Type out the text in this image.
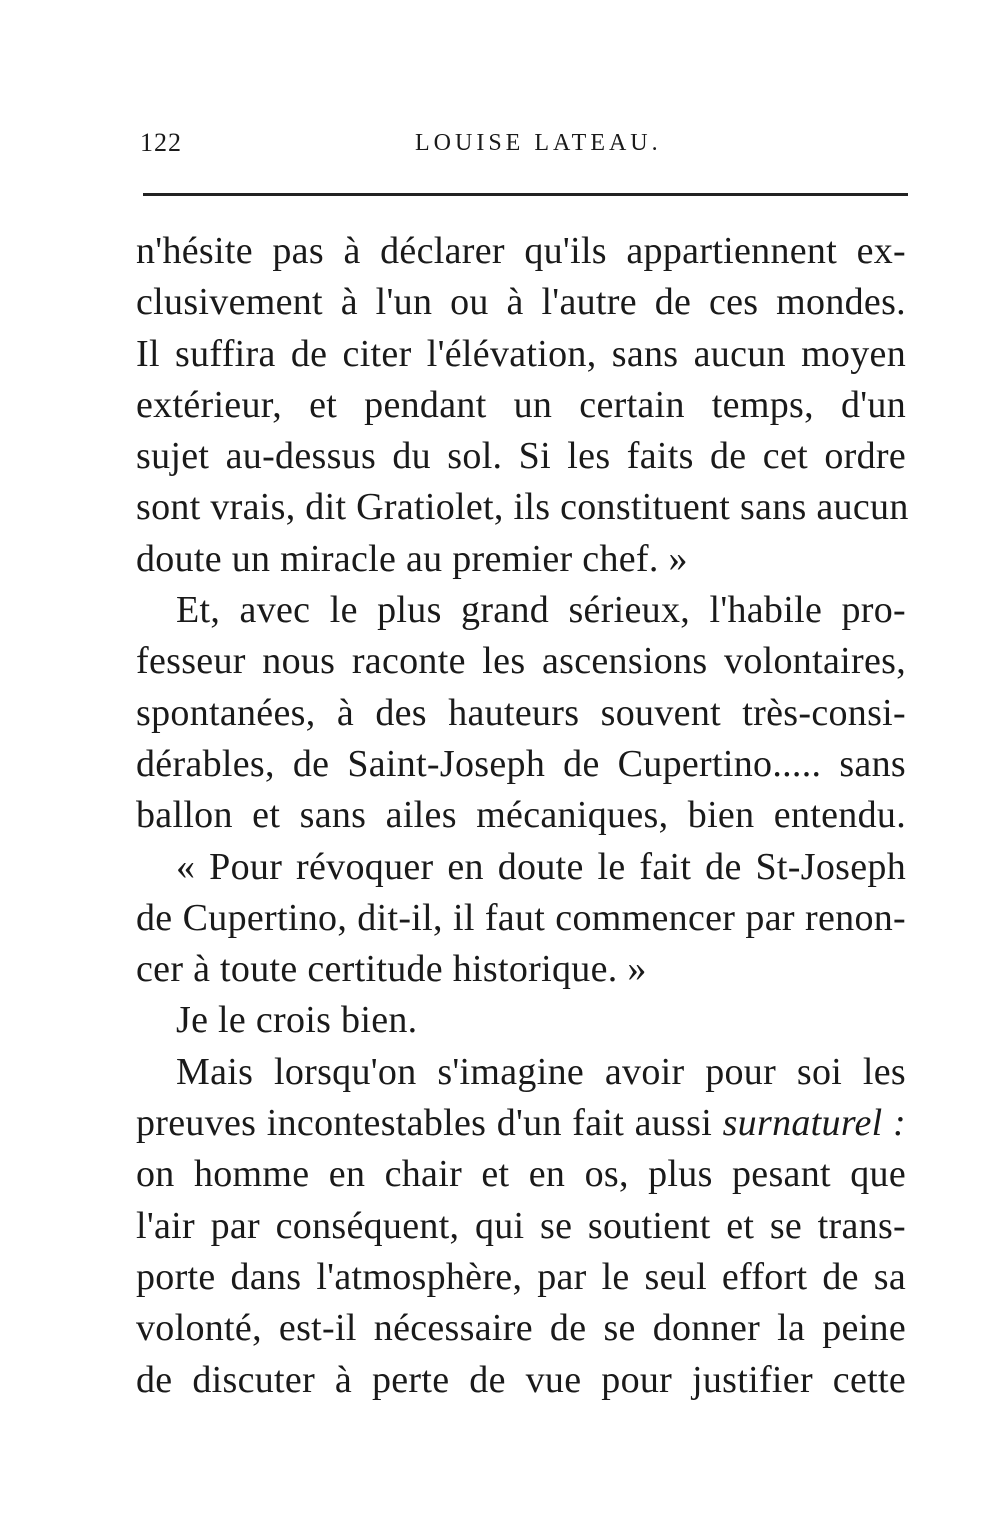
122	LOUISE LATEAU.
n'hésite pas à déclarer qu'ils appartiennent ex-
clusivement à l'un ou à l'autre de ces mondes.
Il suffira de citer l'élévation, sans aucun moyen
extérieur, et pendant un certain temps, d'un
sujet au-dessus du sol. Si les faits de cet ordre
sont vrais, dit Gratiolet, ils constituent sans aucun
doute un miracle au premier chef. »
Et, avec le plus grand sérieux, l'habile pro-
fesseur nous raconte les ascensions volontaires,
spontanées, à des hauteurs souvent très-consi-
dérables, de Saint-Joseph de Cupertino..... sans
ballon et sans ailes mécaniques, bien entendu.
« Pour révoquer en doute le fait de St-Joseph
de Cupertino, dit-il, il faut commencer par renon-
cer à toute certitude historique. »
Je le crois bien.
Mais lorsqu'on s'imagine avoir pour soi les
preuves incontestables d'un fait aussi surnaturel :
on homme en chair et en os, plus pesant que
l'air par conséquent, qui se soutient et se trans-
porte dans l'atmosphère, par le seul effort de sa
volonté, est-il nécessaire de se donner la peine
de discuter à perte de vue pour justifier cette
